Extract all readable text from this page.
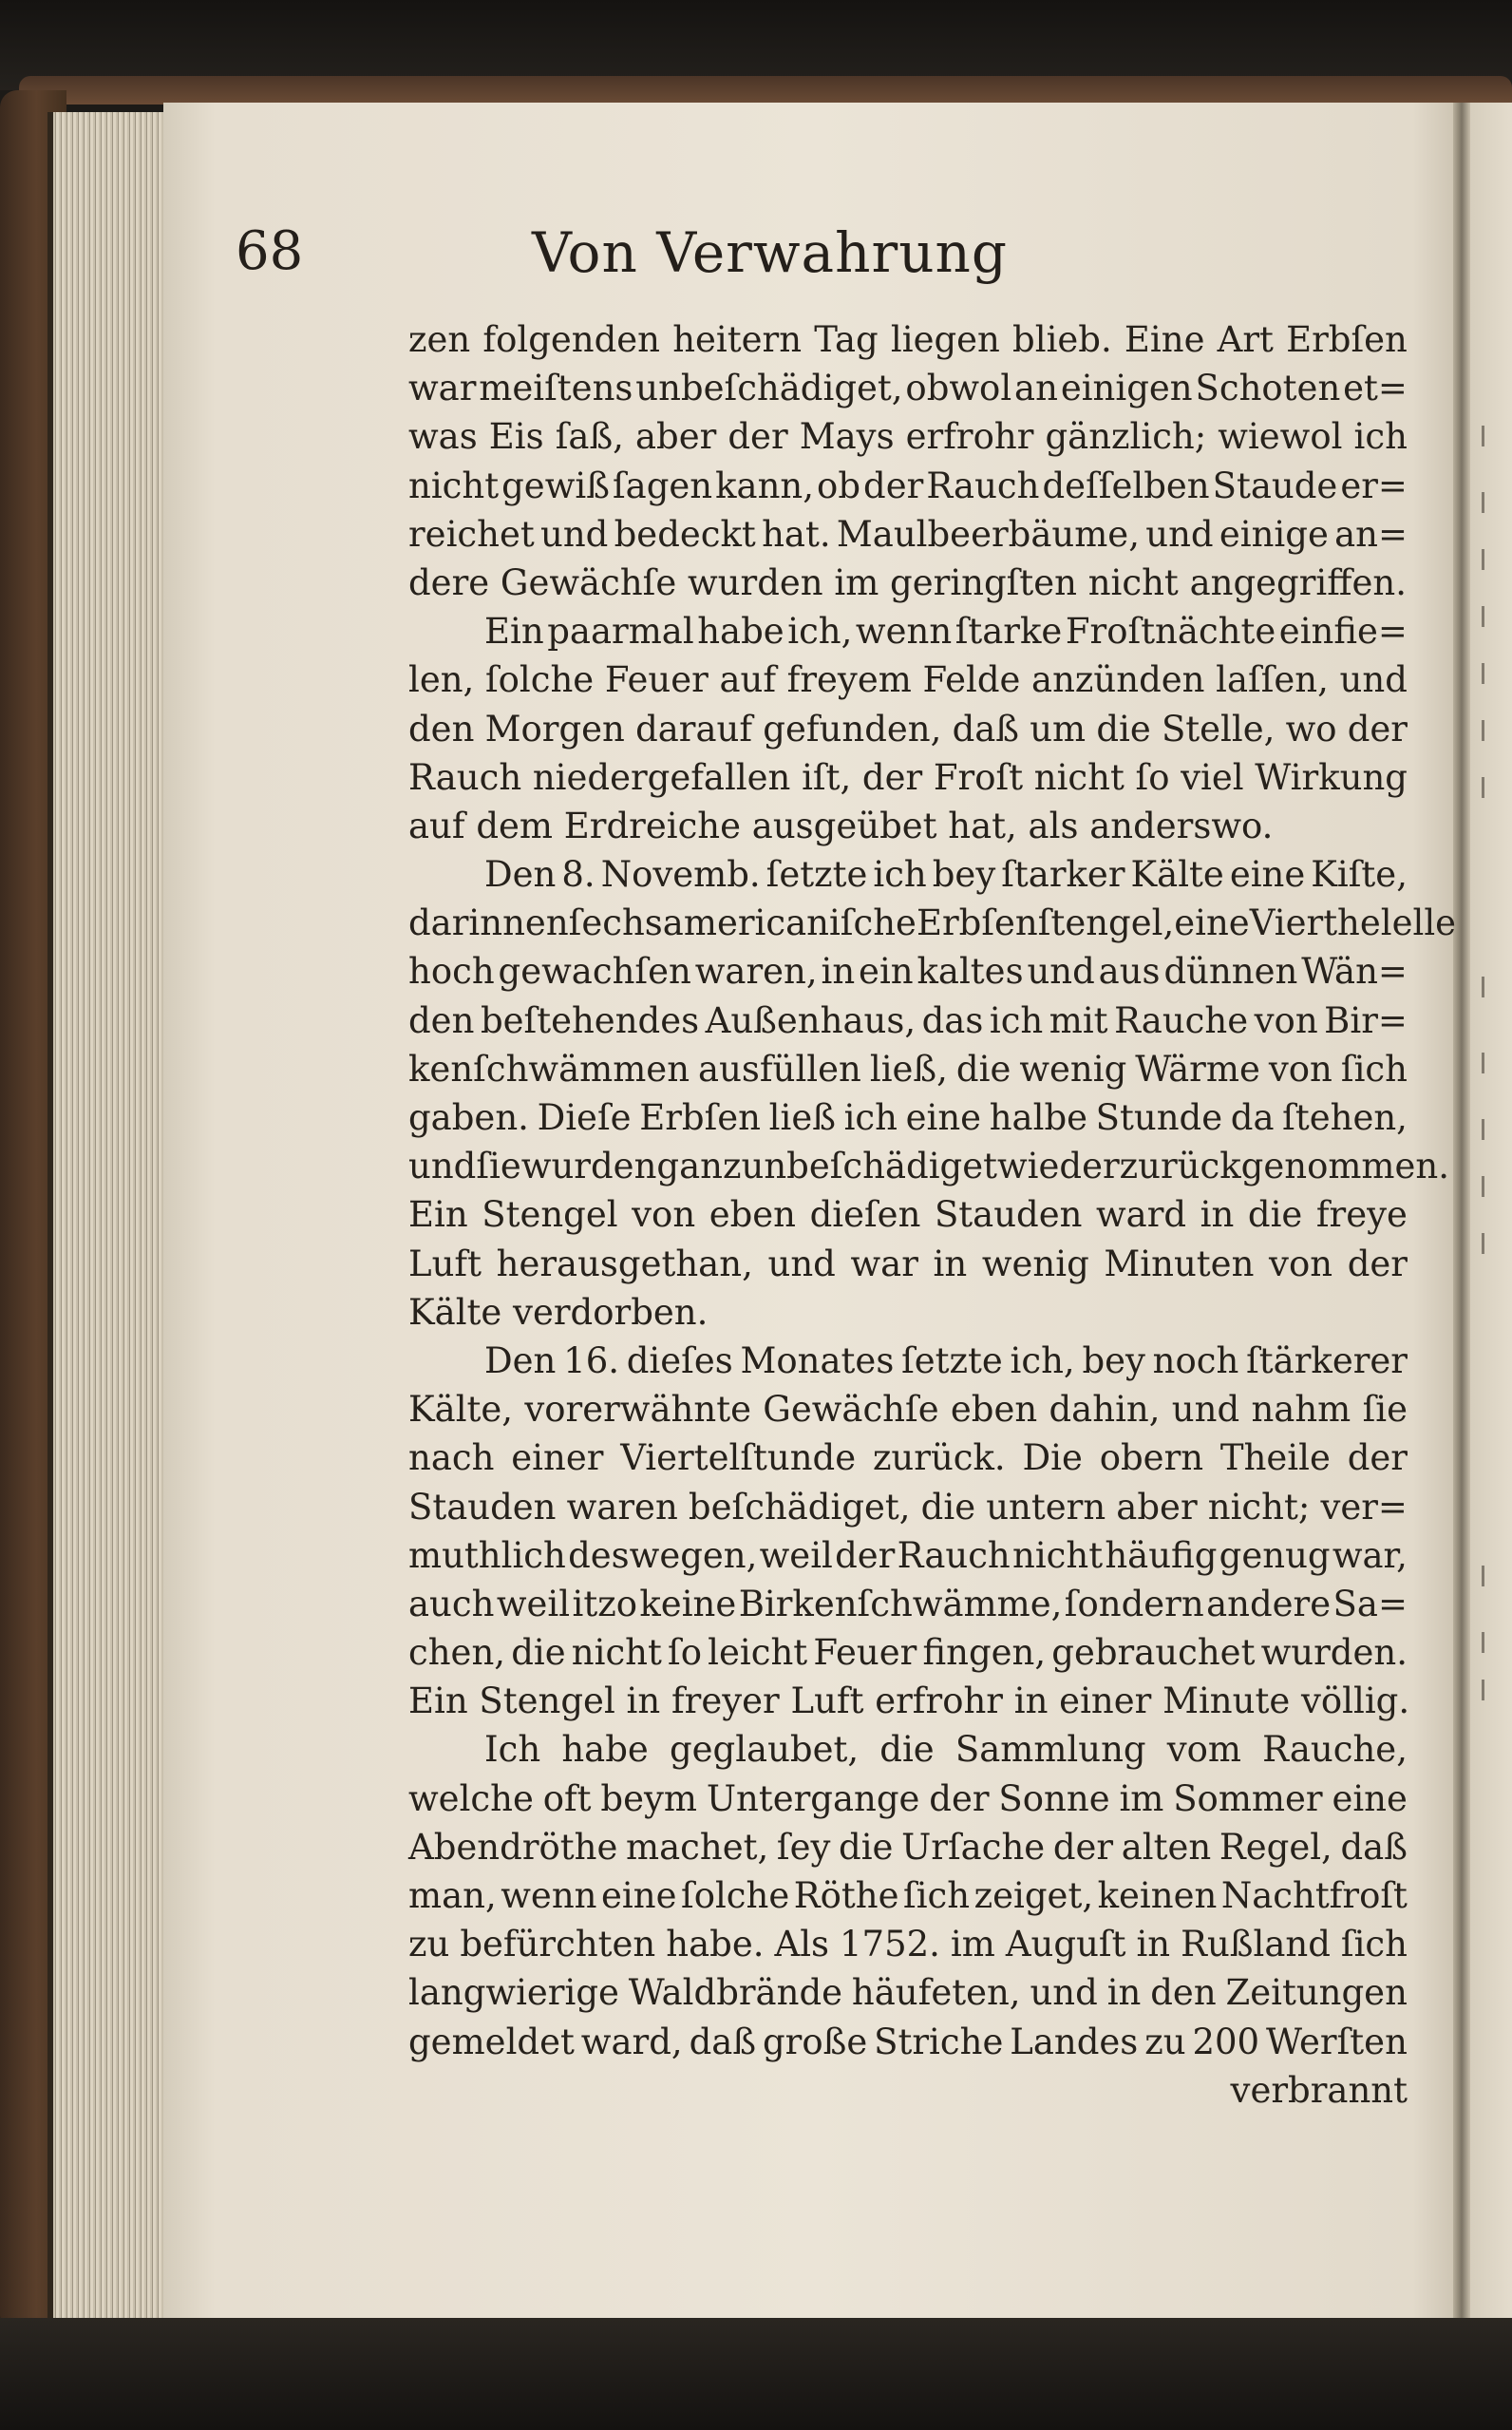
68	Von Verwahrung
zen folgenden heitern Tag liegen blieb. Eine Art Erbſen
war meiſtens unbeſchädiget, obwol an einigen Schoten et=
was Eis ſaß, aber der Mays erfrohr gänzlich; wiewol ich
nicht gewiß ſagen kann, ob der Rauch deſſelben Staude er=
reichet und bedeckt hat. Maulbeerbäume, und einige an=
dere Gewächſe wurden im geringſten nicht angegriffen.
Ein paarmal habe ich, wenn ſtarke Froſtnächte einfie=
len, ſolche Feuer auf freyem Felde anzünden laſſen, und
den Morgen darauf gefunden, daß um die Stelle, wo der
Rauch niedergefallen iſt, der Froſt nicht ſo viel Wirkung
auf dem Erdreiche ausgeübet hat, als anderswo.
Den 8. Novemb. ſetzte ich bey ſtarker Kälte eine Kiſte,
darinnen ſechs americaniſche Erbſenſtengel, eine Vierthelelle
hoch gewachſen waren, in ein kaltes und aus dünnen Wän=
den beſtehendes Außenhaus, das ich mit Rauche von Bir=
kenſchwämmen ausfüllen ließ, die wenig Wärme von ſich
gaben. Dieſe Erbſen ließ ich eine halbe Stunde da ſtehen,
und ſie wurden ganz unbeſchädiget wieder zurückgenommen.
Ein Stengel von eben dieſen Stauden ward in die freye
Luft herausgethan, und war in wenig Minuten von der
Kälte verdorben.
Den 16. dieſes Monates ſetzte ich, bey noch ſtärkerer
Kälte, vorerwähnte Gewächſe eben dahin, und nahm ſie
nach einer Viertelſtunde zurück. Die obern Theile der
Stauden waren beſchädiget, die untern aber nicht; ver=
muthlich deswegen, weil der Rauch nicht häufig genug war,
auch weil itzo keine Birkenſchwämme, ſondern andere Sa=
chen, die nicht ſo leicht Feuer fingen, gebrauchet wurden.
Ein Stengel in freyer Luft erfrohr in einer Minute völlig.
Ich habe geglaubet, die Sammlung vom Rauche,
welche oft beym Untergange der Sonne im Sommer eine
Abendröthe machet, ſey die Urſache der alten Regel, daß
man, wenn eine ſolche Röthe ſich zeiget, keinen Nachtfroſt
zu befürchten habe. Als 1752. im Auguſt in Rußland ſich
langwierige Waldbrände häufeten, und in den Zeitungen
gemeldet ward, daß große Striche Landes zu 200 Werſten
verbrannt
